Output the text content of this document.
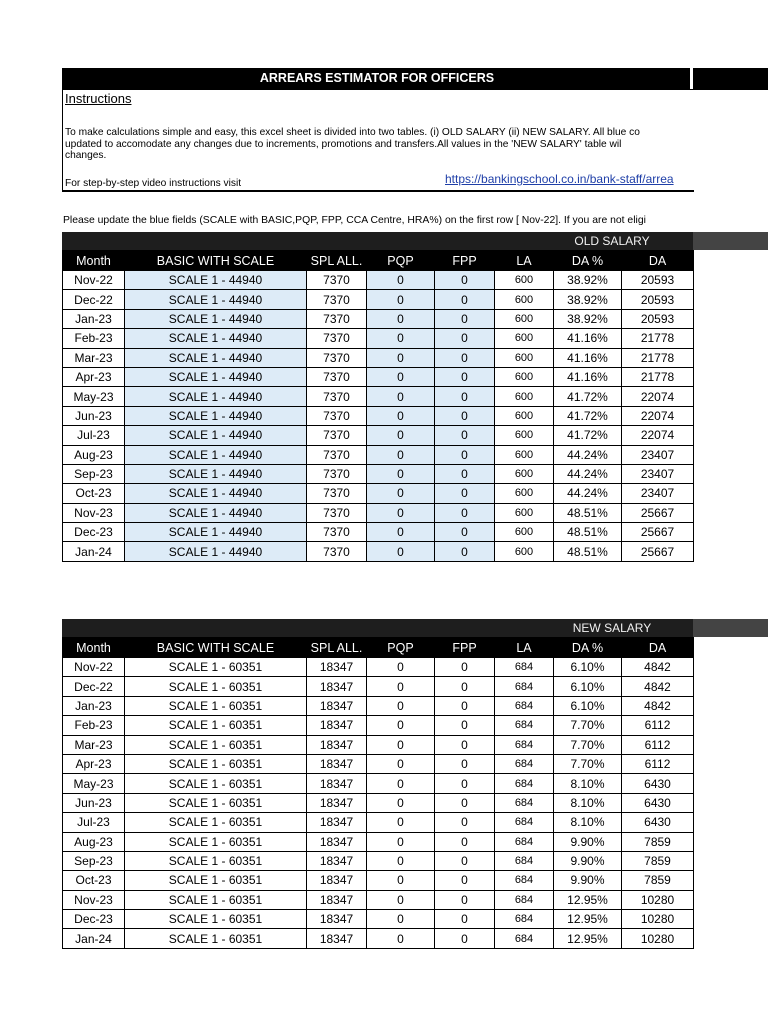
ARREARS ESTIMATOR FOR OFFICERS
Instructions
To make calculations simple and easy, this excel sheet is divided into two tables. (i) OLD SALARY (ii) NEW SALARY. All blue co
updated to accomodate any changes due to increments, promotions and transfers.All values in the 'NEW SALARY' table wil
changes.
For step-by-step video instructions visit	https://bankingschool.co.in/bank-staff/arrea
Please update the blue fields (SCALE with BASIC,PQP, FPP, CCA Centre, HRA%) on the first row [ Nov-22]. If you are not eligi
OLD SALARY
Month	BASIC WITH SCALE	SPL ALL.	PQP	FPP	LA	DA %	DA
Nov-22	SCALE 1 - 44940	7370	0	0	600	38.92%	20593
Dec-22	SCALE 1 - 44940	7370	0	0	600	38.92%	20593
Jan-23	SCALE 1 - 44940	7370	0	0	600	38.92%	20593
Feb-23	SCALE 1 - 44940	7370	0	0	600	41.16%	21778
Mar-23	SCALE 1 - 44940	7370	0	0	600	41.16%	21778
Apr-23	SCALE 1 - 44940	7370	0	0	600	41.16%	21778
May-23	SCALE 1 - 44940	7370	0	0	600	41.72%	22074
Jun-23	SCALE 1 - 44940	7370	0	0	600	41.72%	22074
Jul-23	SCALE 1 - 44940	7370	0	0	600	41.72%	22074
Aug-23	SCALE 1 - 44940	7370	0	0	600	44.24%	23407
Sep-23	SCALE 1 - 44940	7370	0	0	600	44.24%	23407
Oct-23	SCALE 1 - 44940	7370	0	0	600	44.24%	23407
Nov-23	SCALE 1 - 44940	7370	0	0	600	48.51%	25667
Dec-23	SCALE 1 - 44940	7370	0	0	600	48.51%	25667
Jan-24	SCALE 1 - 44940	7370	0	0	600	48.51%	25667
NEW SALARY
Month	BASIC WITH SCALE	SPL ALL.	PQP	FPP	LA	DA %	DA
Nov-22	SCALE 1 - 60351	18347	0	0	684	6.10%	4842
Dec-22	SCALE 1 - 60351	18347	0	0	684	6.10%	4842
Jan-23	SCALE 1 - 60351	18347	0	0	684	6.10%	4842
Feb-23	SCALE 1 - 60351	18347	0	0	684	7.70%	6112
Mar-23	SCALE 1 - 60351	18347	0	0	684	7.70%	6112
Apr-23	SCALE 1 - 60351	18347	0	0	684	7.70%	6112
May-23	SCALE 1 - 60351	18347	0	0	684	8.10%	6430
Jun-23	SCALE 1 - 60351	18347	0	0	684	8.10%	6430
Jul-23	SCALE 1 - 60351	18347	0	0	684	8.10%	6430
Aug-23	SCALE 1 - 60351	18347	0	0	684	9.90%	7859
Sep-23	SCALE 1 - 60351	18347	0	0	684	9.90%	7859
Oct-23	SCALE 1 - 60351	18347	0	0	684	9.90%	7859
Nov-23	SCALE 1 - 60351	18347	0	0	684	12.95%	10280
Dec-23	SCALE 1 - 60351	18347	0	0	684	12.95%	10280
Jan-24	SCALE 1 - 60351	18347	0	0	684	12.95%	10280
